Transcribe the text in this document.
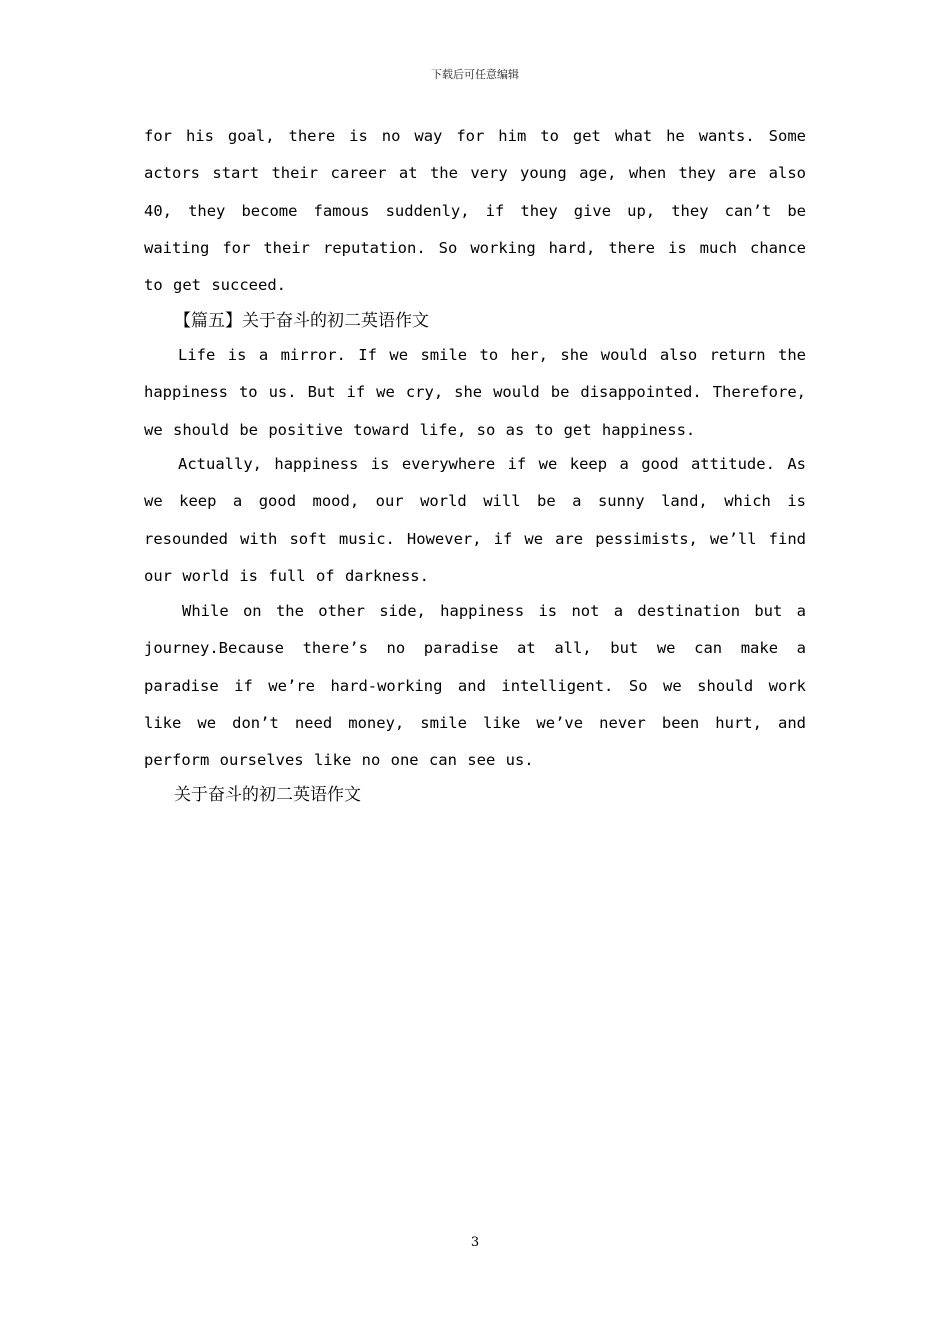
下载后可任意编辑

for his goal, there is no way for him to get what he wants. Some actors start their career at the very young age, when they are also 40, they become famous suddenly, if they give up, they can’t be waiting for their reputation. So working hard, there is much chance to get succeed.

【篇五】关于奋斗的初二英语作文

Life is a mirror. If we smile to her, she would also return the happiness to us. But if we cry, she would be disappointed. Therefore, we should be positive toward life, so as to get happiness.

Actually, happiness is everywhere if we keep a good attitude. As we keep a good mood, our world will be a sunny land, which is resounded with soft music. However, if we are pessimists, we’ll find our world is full of darkness.

While on the other side, happiness is not a destination but a journey.Because there’s no paradise at all, but we can make a paradise if we’re hard-working and intelligent. So we should work like we don’t need money, smile like we’ve never been hurt, and perform ourselves like no one can see us.

关于奋斗的初二英语作文

3
